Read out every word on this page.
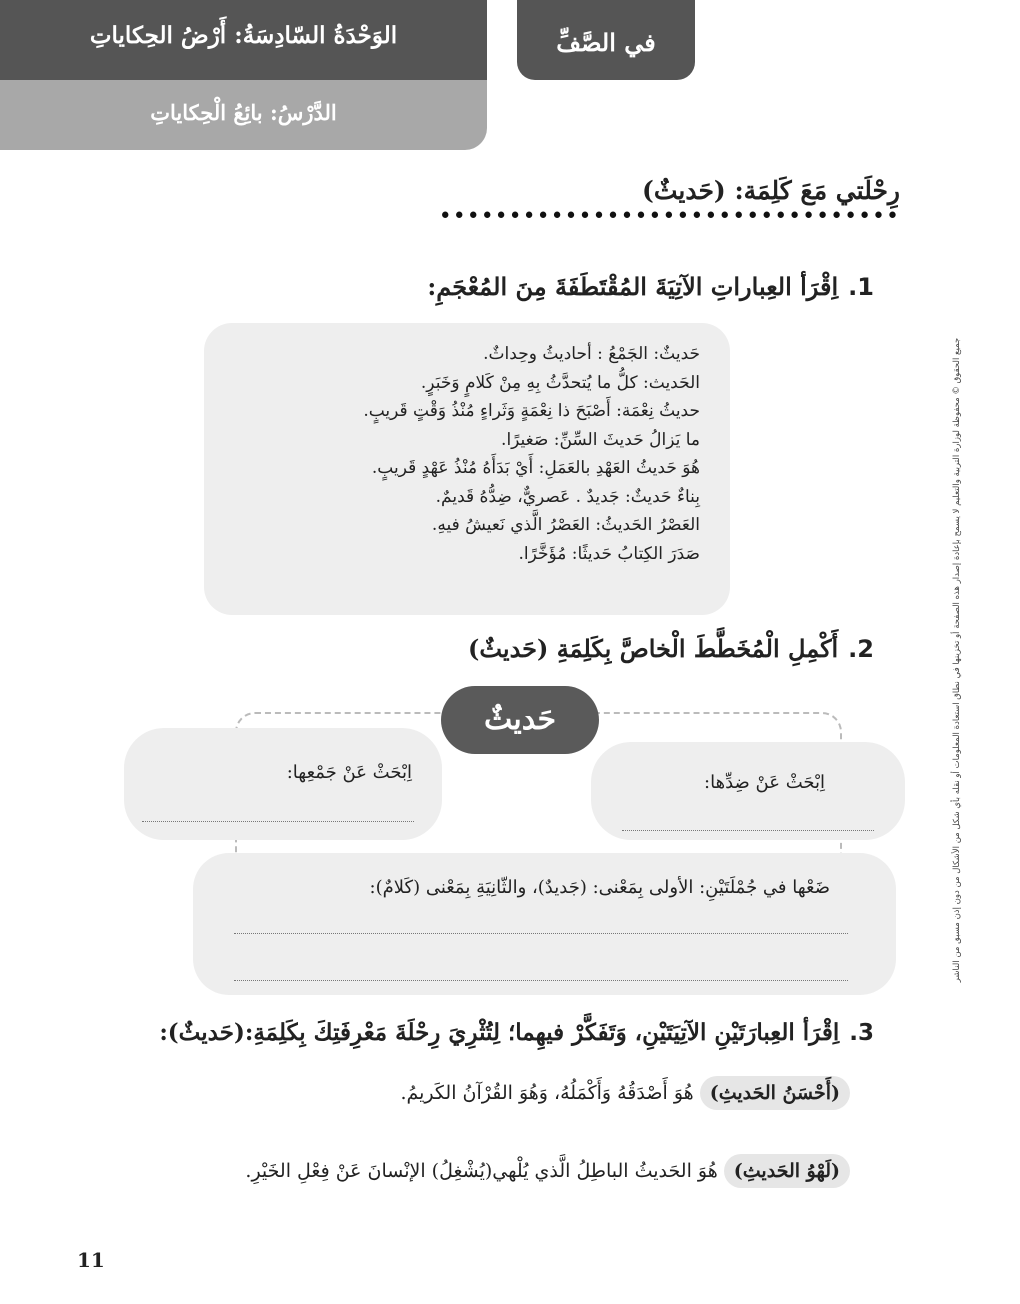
الوَحْدَةُ السّادِسَةُ: أَرْضُ الحِكاياتِ
الدَّرْسُ: بائِعُ الْحِكاياتِ
في الصَّفِّ
رِحْلَتي مَعَ كَلِمَة: (حَديثٌ)
•••••••••••••••••••••••••••••••••
1.اِقْرَأ العِباراتِ الآتِيَةَ المُقْتَطَفَةَ مِنَ المُعْجَمِ:
حَديثٌ: الجَمْعُ : أحاديثُ وحِداثٌ.
الحَديث: كلُّ ما يُتحدَّثُ بِهِ مِنْ كَلامٍ وَخَبَرٍ.
حديثُ نِعْمَة: أَصْبَحَ ذا نِعْمَةٍ وَثَراءٍ مُنْذُ وَقْتٍ قَريبٍ.
ما يَزالُ حَديثَ السِّنِّ: صَغيرًا.
هُوَ حَديثُ العَهْدِ بالعَمَلِ: أَيْ بَدَأَهُ مُنْذُ عَهْدٍ قَريبٍ.
بِناءٌ حَديثٌ: جَديدٌ . عَصريٌّ، ضِدُّهُ قَديمٌ.
العَصْرُ الحَديثُ: العَصْرُ الَّذي نَعيشُ فيهِ.
صَدَرَ الكِتابُ حَديثًا: مُؤَخَّرًا.
2.أَكْمِلِ الْمُخَطَّطَ الْخاصَّ بِكَلِمَةِ (حَديثٌ)
حَديثٌ
اِبْحَثْ عَنْ جَمْعِها:	اِبْحَثْ عَنْ ضِدِّها:
ضَعْها في جُمْلَتَيْنِ: الأولى بِمَعْنى: (جَديدٌ)، والثّانِيَةِ بِمَعْنى (كَلامٌ):
3.اِقْرَأ العِبارَتَيْنِ الآتِيَتَيْنِ، وَتَفَكَّرْ فيهِما؛ لِتُثْرِيَ رِحْلَةَ مَعْرِفَتِكَ بِكَلِمَةِ:(حَديثٌ):
(أَحْسَنُ الحَديثِ) هُوَ أَصْدَقُهُ وَأَكْمَلُهُ، وَهُوَ القُرْآنُ الكَريمُ.
(لَهْوُ الحَديثِ) هُوَ الحَديثُ الباطِلُ الَّذي يُلْهي(يُشْغِلُ) الإنْسانَ عَنْ فِعْلِ الخَيْرِ.
جميع الحقوق © محفوظة لوزارة التربية والتعليم لا يسمح بإعادة إصدار هذه الصفحة أو تخزينها في نطاق استعادة المعلومات أو نقله بأي شكل من الأشكال من دون إذن مسبق من الناشر
11
